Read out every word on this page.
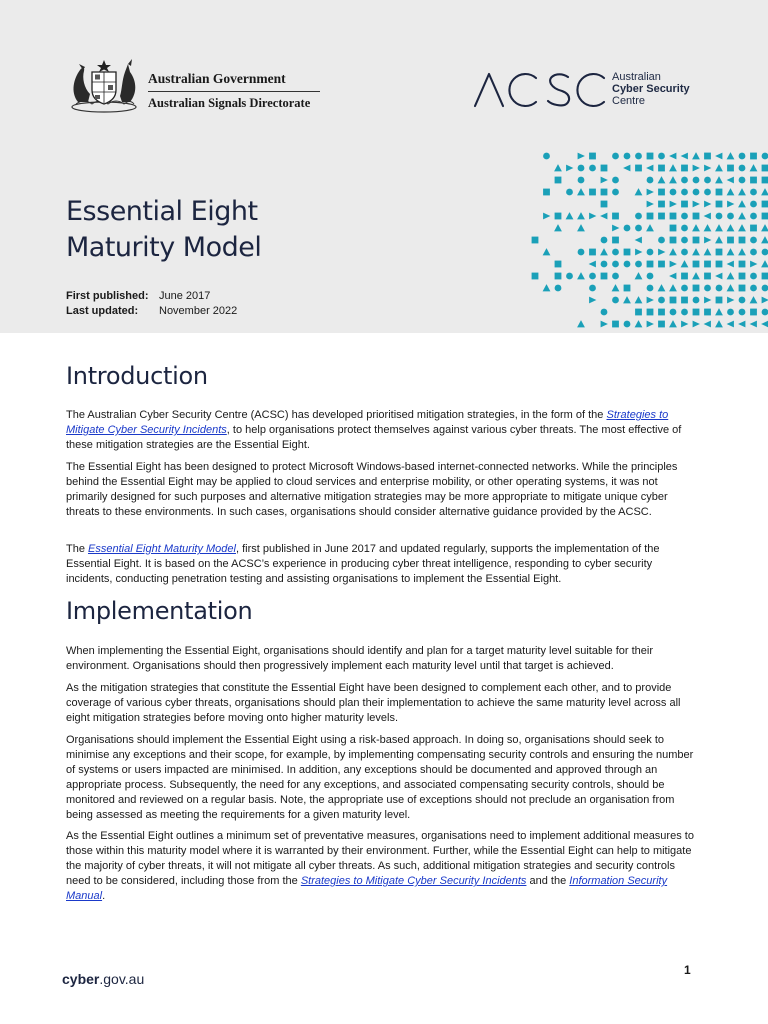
Australian Government
Australian Signals Directorate
Australian
Cyber Security
Centre
Essential Eight
Maturity Model
First published: June 2017
Last updated:	November 2022
Introduction

The Australian Cyber Security Centre (ACSC) has developed prioritised mitigation strategies, in the form of the Strategies to Mitigate Cyber Security Incidents, to help organisations protect themselves against various cyber threats. The most effective of these mitigation strategies are the Essential Eight.

The Essential Eight has been designed to protect Microsoft Windows-based internet-connected networks. While the principles behind the Essential Eight may be applied to cloud services and enterprise mobility, or other operating systems, it was not primarily designed for such purposes and alternative mitigation strategies may be more appropriate to mitigate unique cyber threats to these environments. In such cases, organisations should consider alternative guidance provided by the ACSC.

The Essential Eight Maturity Model, first published in June 2017 and updated regularly, supports the implementation of the Essential Eight. It is based on the ACSC’s experience in producing cyber threat intelligence, responding to cyber security incidents, conducting penetration testing and assisting organisations to implement the Essential Eight.

Implementation

When implementing the Essential Eight, organisations should identify and plan for a target maturity level suitable for their environment. Organisations should then progressively implement each maturity level until that target is achieved.

As the mitigation strategies that constitute the Essential Eight have been designed to complement each other, and to provide coverage of various cyber threats, organisations should plan their implementation to achieve the same maturity level across all eight mitigation strategies before moving onto higher maturity levels.

Organisations should implement the Essential Eight using a risk-based approach. In doing so, organisations should seek to minimise any exceptions and their scope, for example, by implementing compensating security controls and ensuring the number of systems or users impacted are minimised. In addition, any exceptions should be documented and approved through an appropriate process. Subsequently, the need for any exceptions, and associated compensating security controls, should be monitored and reviewed on a regular basis. Note, the appropriate use of exceptions should not preclude an organisation from being assessed as meeting the requirements for a given maturity level.

As the Essential Eight outlines a minimum set of preventative measures, organisations need to implement additional measures to those within this maturity model where it is warranted by their environment. Further, while the Essential Eight can help to mitigate the majority of cyber threats, it will not mitigate all cyber threats. As such, additional mitigation strategies and security controls need to be considered, including those from the Strategies to Mitigate Cyber Security Incidents and the Information Security Manual.

cyber.gov.au
1
